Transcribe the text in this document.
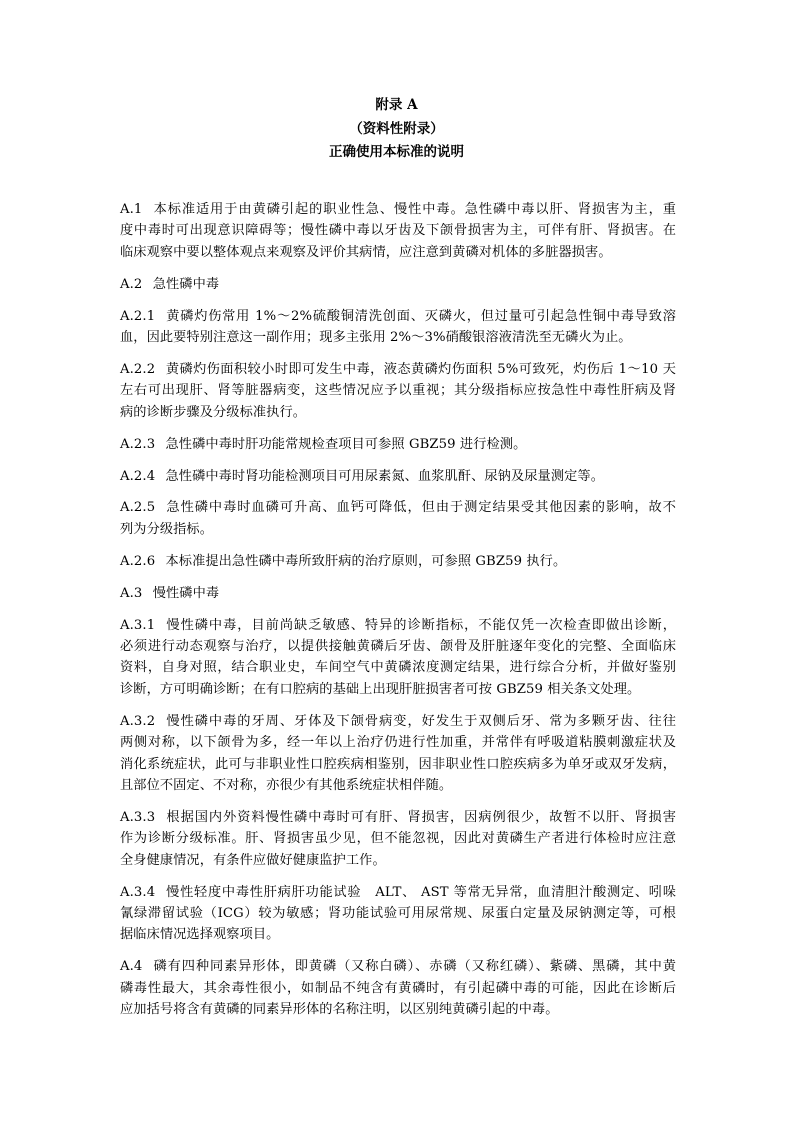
附录 A
（资料性附录）
正确使用本标准的说明
A.1 本标准适用于由黄磷引起的职业性急、慢性中毒。急性磷中毒以肝、肾损害为主，重
度中毒时可出现意识障碍等；慢性磷中毒以牙齿及下颌骨损害为主，可伴有肝、肾损害。在
临床观察中要以整体观点来观察及评价其病情，应注意到黄磷对机体的多脏器损害。
A.2 急性磷中毒
A.2.1 黄磷灼伤常用 1%～2%硫酸铜清洗创面、灭磷火，但过量可引起急性铜中毒导致溶
血，因此要特别注意这一副作用；现多主张用 2%～3%硝酸银溶液清洗至无磷火为止。
A.2.2 黄磷灼伤面积较小时即可发生中毒，液态黄磷灼伤面积 5%可致死，灼伤后 1～10 天
左右可出现肝、肾等脏器病变，这些情况应予以重视；其分级指标应按急性中毒性肝病及肾
病的诊断步骤及分级标准执行。
A.2.3 急性磷中毒时肝功能常规检查项目可参照 GBZ59 进行检测。
A.2.4 急性磷中毒时肾功能检测项目可用尿素氮、血浆肌酐、尿钠及尿量测定等。
A.2.5 急性磷中毒时血磷可升高、血钙可降低，但由于测定结果受其他因素的影响，故不
列为分级指标。
A.2.6 本标准提出急性磷中毒所致肝病的治疗原则，可参照 GBZ59 执行。
A.3 慢性磷中毒
A.3.1 慢性磷中毒，目前尚缺乏敏感、特异的诊断指标，不能仅凭一次检查即做出诊断，
必须进行动态观察与治疗，以提供接触黄磷后牙齿、颌骨及肝脏逐年变化的完整、全面临床
资料，自身对照，结合职业史，车间空气中黄磷浓度测定结果，进行综合分析，并做好鉴别
诊断，方可明确诊断；在有口腔病的基础上出现肝脏损害者可按 GBZ59 相关条文处理。
A.3.2 慢性磷中毒的牙周、牙体及下颌骨病变，好发生于双侧后牙、常为多颗牙齿、往往
两侧对称，以下颌骨为多，经一年以上治疗仍进行性加重，并常伴有呼吸道粘膜刺激症状及
消化系统症状，此可与非职业性口腔疾病相鉴别，因非职业性口腔疾病多为单牙或双牙发病，
且部位不固定、不对称，亦很少有其他系统症状相伴随。
A.3.3 根据国内外资料慢性磷中毒时可有肝、肾损害，因病例很少，故暂不以肝、肾损害
作为诊断分级标准。肝、肾损害虽少见，但不能忽视，因此对黄磷生产者进行体检时应注意
全身健康情况，有条件应做好健康监护工作。
A.3.4 慢性轻度中毒性肝病肝功能试验　ALT、 AST 等常无异常，血清胆汁酸测定、吲哚
氰绿滞留试验（ICG）较为敏感；肾功能试验可用尿常规、尿蛋白定量及尿钠测定等，可根
据临床情况选择观察项目。
A.4 磷有四种同素异形体，即黄磷（又称白磷）、赤磷（又称红磷）、紫磷、黑磷，其中黄
磷毒性最大，其余毒性很小，如制品不纯含有黄磷时，有引起磷中毒的可能，因此在诊断后
应加括号将含有黄磷的同素异形体的名称注明，以区别纯黄磷引起的中毒。
